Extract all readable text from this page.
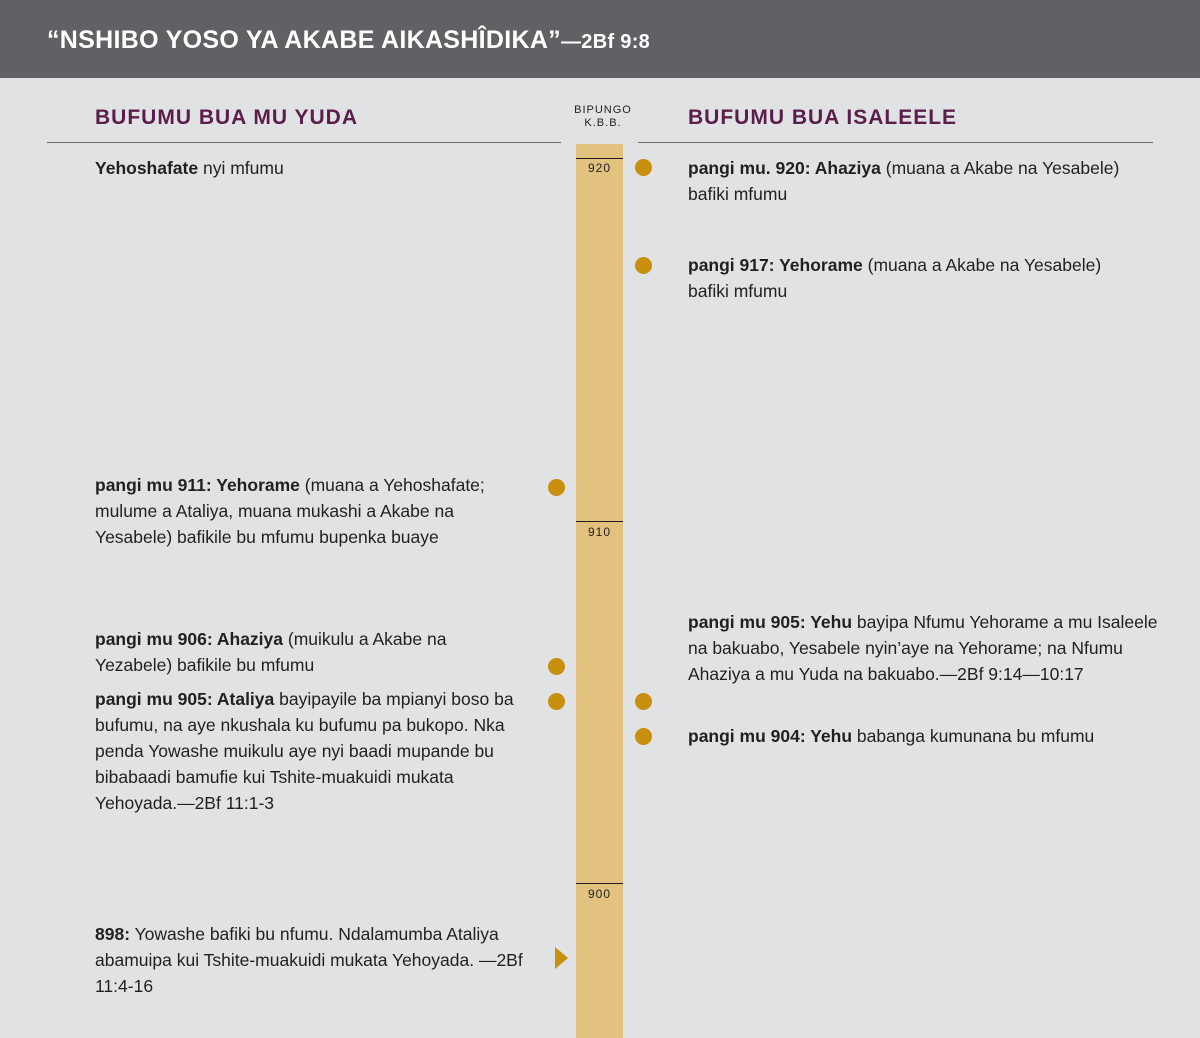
“NSHIBO YOSO YA AKABE AIKASHÎDIKA”—2Bf 9:8
BUFUMU BUA MU YUDA	BUFUMU BUA ISALEELE
BIPUNGO
K.B.B.
920
910
900
Yehoshafate nyi mfumu
pangi mu 911: Yehorame (muana a Yehoshafate; mulume a Ataliya, muana mukashi a Akabe na Yesabele) bafikile bu mfumu bupenka buaye
pangi mu 906: Ahaziya (muikulu a Akabe na Yezabele) bafikile bu mfumu
pangi mu 905: Ataliya bayipayile ba mpianyi boso ba bufumu, na aye nkushala ku bufumu pa bukopo. Nka penda Yowashe muikulu aye nyi baadi mupande bu bibabaadi bamufie kui Tshite-muakuidi mukata Yehoyada.—2Bf 11:1-3
898: Yowashe bafiki bu nfumu. Ndalamumba Ataliya abamuipa kui Tshite-muakuidi mukata Yehoyada. —2Bf 11:4-16
pangi mu. 920: Ahaziya (muana a Akabe na Yesabele) bafiki mfumu
pangi 917: Yehorame (muana a Akabe na Yesabele) bafiki mfumu
pangi mu 905: Yehu bayipa Nfumu Yehorame a mu Isaleele na bakuabo, Yesabele nyin’aye na Yehorame; na Nfumu Ahaziya a mu Yuda na bakuabo.—2Bf 9:14—10:17
pangi mu 904: Yehu babanga kumunana bu mfumu
